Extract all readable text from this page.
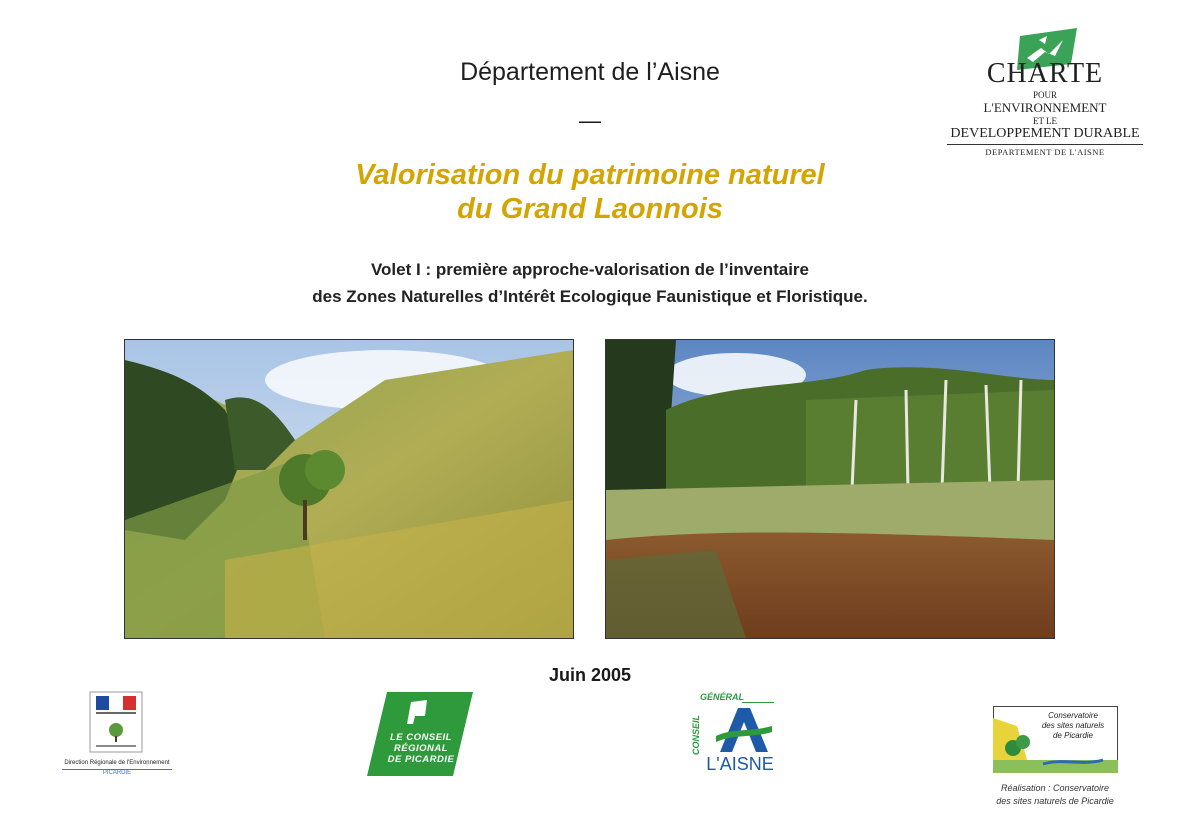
Département de l’Aisne
—
Valorisation du patrimoine naturel
du Grand Laonnois
Volet I : première approche-valorisation de l’inventaire
des Zones Naturelles d’Intérêt Ecologique Faunistique et Floristique.
CHARTE
POUR
L'ENVIRONNEMENT
ET LE
DEVELOPPEMENT DURABLE
DEPARTEMENT DE L'AISNE
Juin 2005
Direction Régionale de l'Environnement
PICARDIE
LE CONSEIL
RÉGIONAL
DE PICARDIE
GÉNÉRAL
CONSEIL
L'AISNE
Conservatoire
des sites naturels
de Picardie
Réalisation : Conservatoire
des sites naturels de Picardie
